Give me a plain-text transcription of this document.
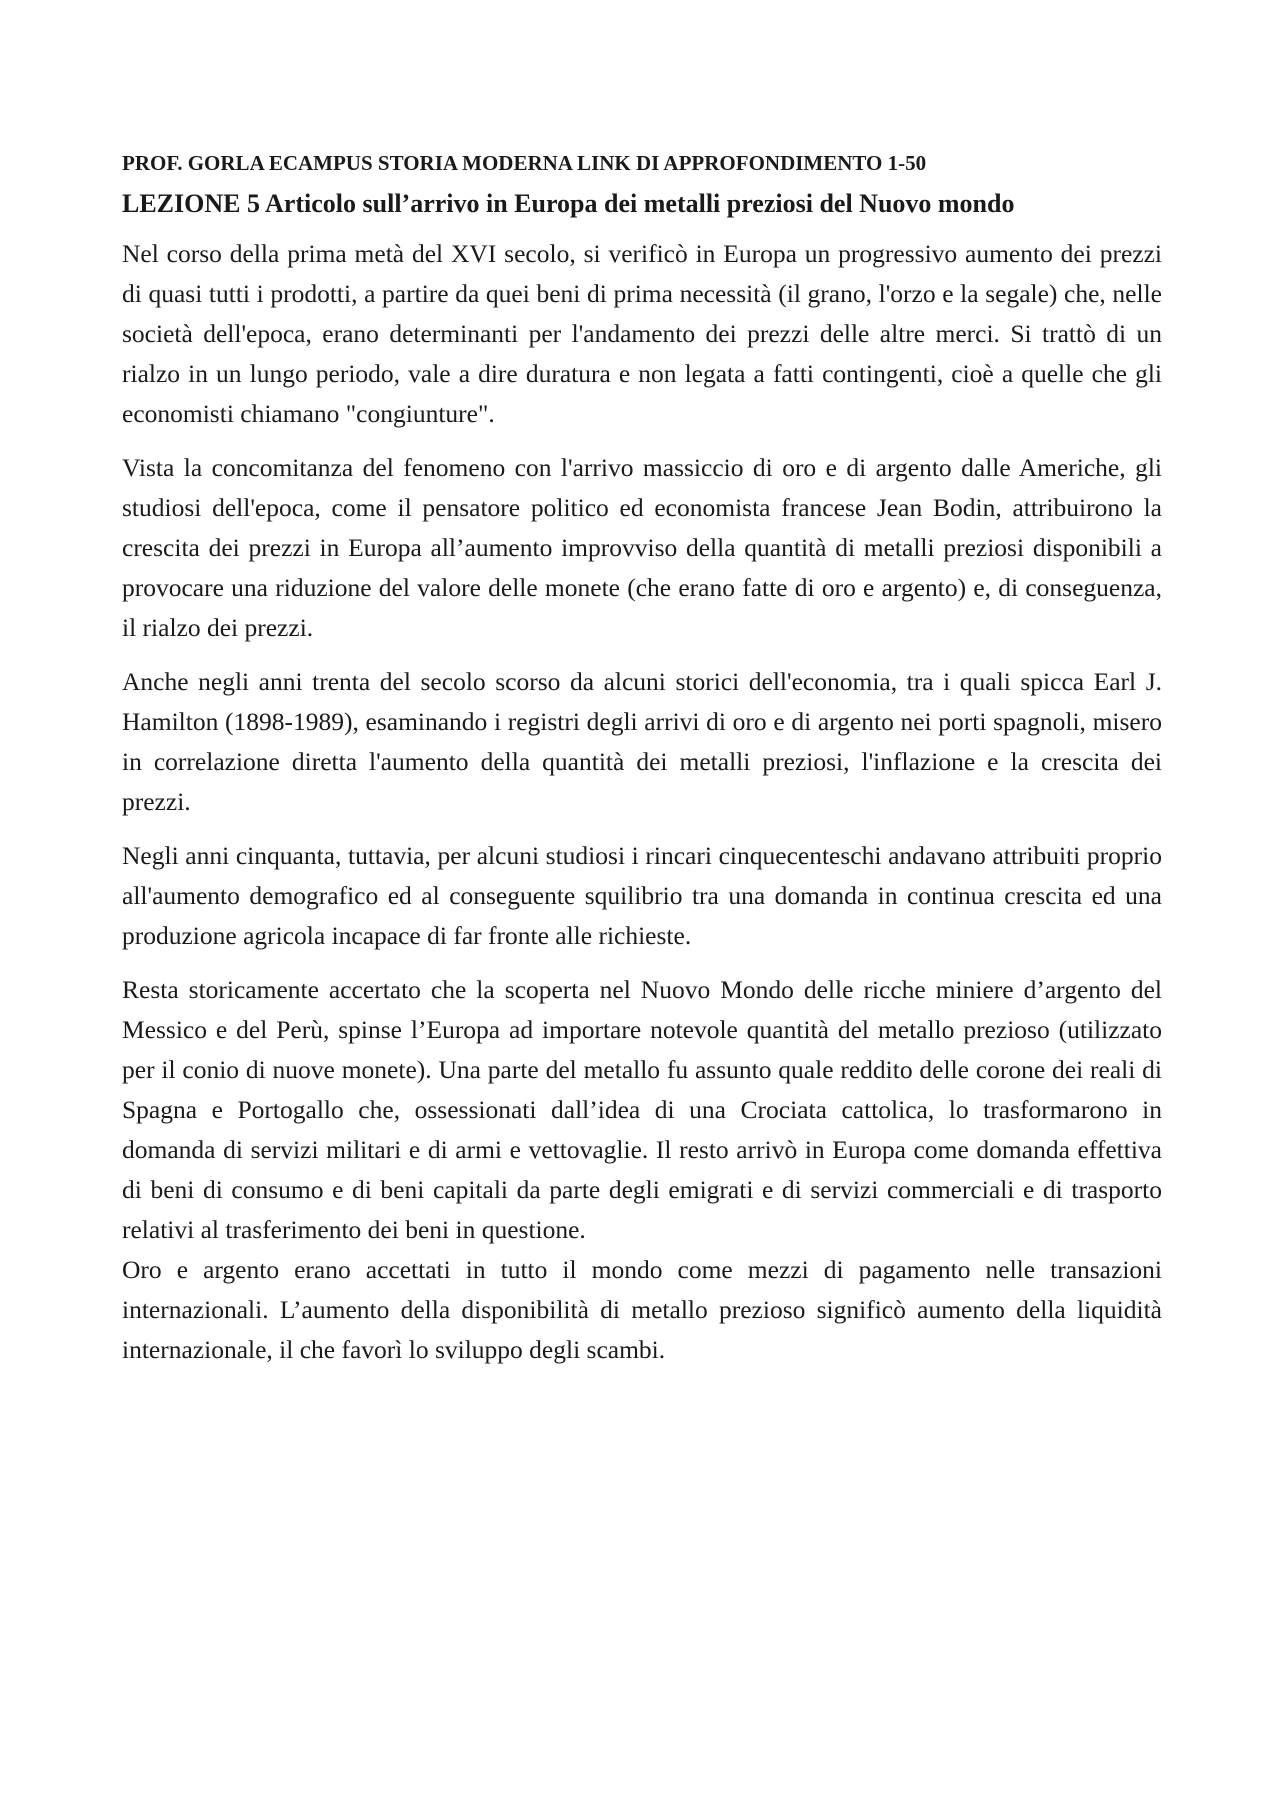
PROF. GORLA ECAMPUS STORIA MODERNA LINK DI APPROFONDIMENTO 1-50
LEZIONE 5 Articolo sull’arrivo in Europa dei metalli preziosi del Nuovo mondo

Nel corso della prima metà del XVI secolo, si verificò in Europa un progressivo aumento dei prezzi di quasi tutti i prodotti, a partire da quei beni di prima necessità (il grano, l'orzo e la segale) che, nelle società dell'epoca, erano determinanti per l'andamento dei prezzi delle altre merci. Si trattò di un rialzo in un lungo periodo, vale a dire duratura e non legata a fatti contingenti, cioè a quelle che gli economisti chiamano "congiunture".

Vista la concomitanza del fenomeno con l'arrivo massiccio di oro e di argento dalle Americhe, gli studiosi dell'epoca, come il pensatore politico ed economista francese Jean Bodin, attribuirono la crescita dei prezzi in Europa all’aumento improvviso della quantità di metalli preziosi disponibili a provocare una riduzione del valore delle monete (che erano fatte di oro e argento) e, di conseguenza, il rialzo dei prezzi.

Anche negli anni trenta del secolo scorso da alcuni storici dell'economia, tra i quali spicca Earl J. Hamilton (1898-1989), esaminando i registri degli arrivi di oro e di argento nei porti spagnoli, misero in correlazione diretta l'aumento della quantità dei metalli preziosi, l'inflazione e la crescita dei prezzi.

Negli anni cinquanta, tuttavia, per alcuni studiosi i rincari cinquecenteschi andavano attribuiti proprio all'aumento demografico ed al conseguente squilibrio tra una domanda in continua crescita ed una produzione agricola incapace di far fronte alle richieste.

Resta storicamente accertato che la scoperta nel Nuovo Mondo delle ricche miniere d’argento del Messico e del Perù, spinse l’Europa ad importare notevole quantità del metallo prezioso (utilizzato per il conio di nuove monete). Una parte del metallo fu assunto quale reddito delle corone dei reali di Spagna e Portogallo che, ossessionati dall’idea di una Crociata cattolica, lo trasformarono in domanda di servizi militari e di armi e vettovaglie. Il resto arrivò in Europa come domanda effettiva di beni di consumo e di beni capitali da parte degli emigrati e di servizi commerciali e di trasporto relativi al trasferimento dei beni in questione.

Oro e argento erano accettati in tutto il mondo come mezzi di pagamento nelle transazioni internazionali. L’aumento della disponibilità di metallo prezioso significò aumento della liquidità internazionale, il che favorì lo sviluppo degli scambi.
